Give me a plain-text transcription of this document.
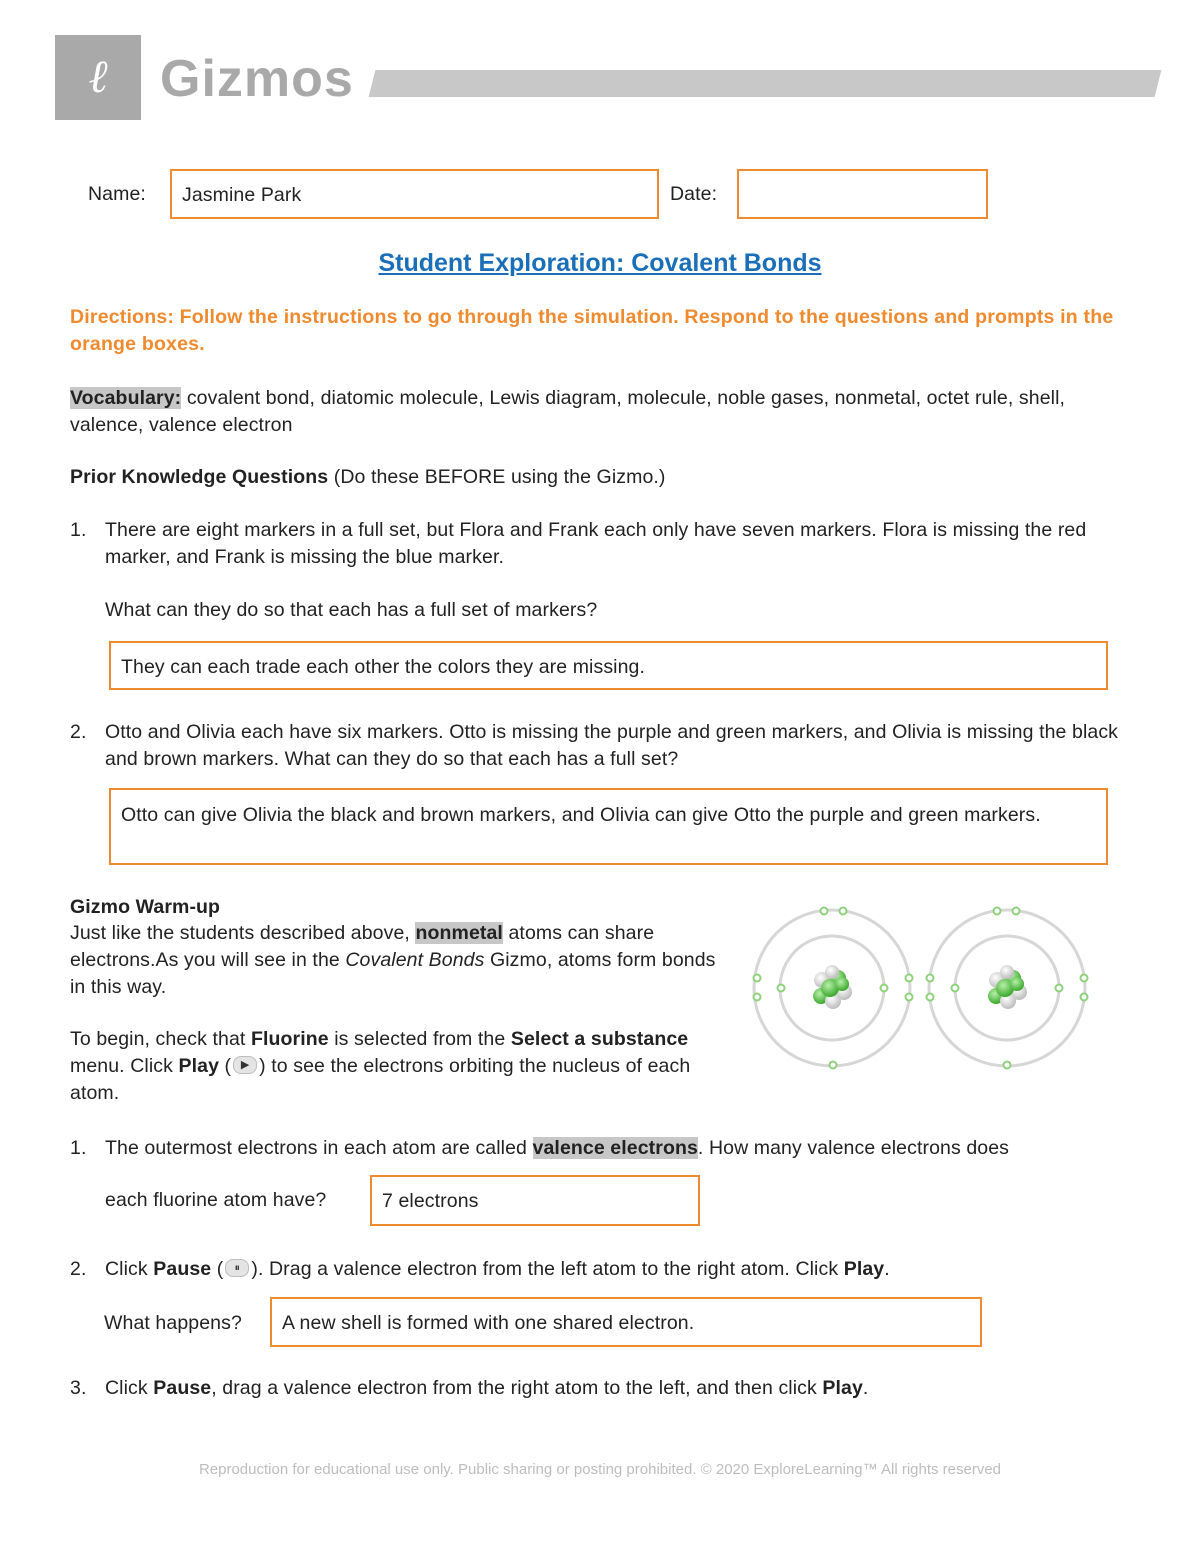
ℓ	Gizmos
Name:	Jasmine Park	Date:
Student Exploration: Covalent Bonds
Directions: Follow the instructions to go through the simulation. Respond to the questions and prompts in the orange boxes.
Vocabulary: covalent bond, diatomic molecule, Lewis diagram, molecule, noble gases, nonmetal, octet rule, shell, valence, valence electron
Prior Knowledge Questions (Do these BEFORE using the Gizmo.)
1. There are eight markers in a full set, but Flora and Frank each only have seven markers. Flora is missing the red marker, and Frank is missing the blue marker.
What can they do so that each has a full set of markers?
They can each trade each other the colors they are missing.
2. Otto and Olivia each have six markers. Otto is missing the purple and green markers, and Olivia is missing the black and brown markers. What can they do so that each has a full set?
Otto can give Olivia the black and brown markers, and Olivia can give Otto the purple and green markers.
Gizmo Warm-up
Just like the students described above, nonmetal atoms can share electrons.As you will see in the Covalent Bonds Gizmo, atoms form bonds in this way.
To begin, check that Fluorine is selected from the Select a substance menu. Click Play ( ▶ ) to see the electrons orbiting the nucleus of each atom.
1. The outermost electrons in each atom are called valence electrons. How many valence electrons does
each fluorine atom have?	7 electrons
2. Click Pause (	⏸ ). Drag a valence electron from the left atom to the right atom. Click Play.
What happens?	A new shell is formed with one shared electron.
3. Click Pause, drag a valence electron from the right atom to the left, and then click Play.
Reproduction for educational use only. Public sharing or posting prohibited. © 2020 ExploreLearning™ All rights reserved
